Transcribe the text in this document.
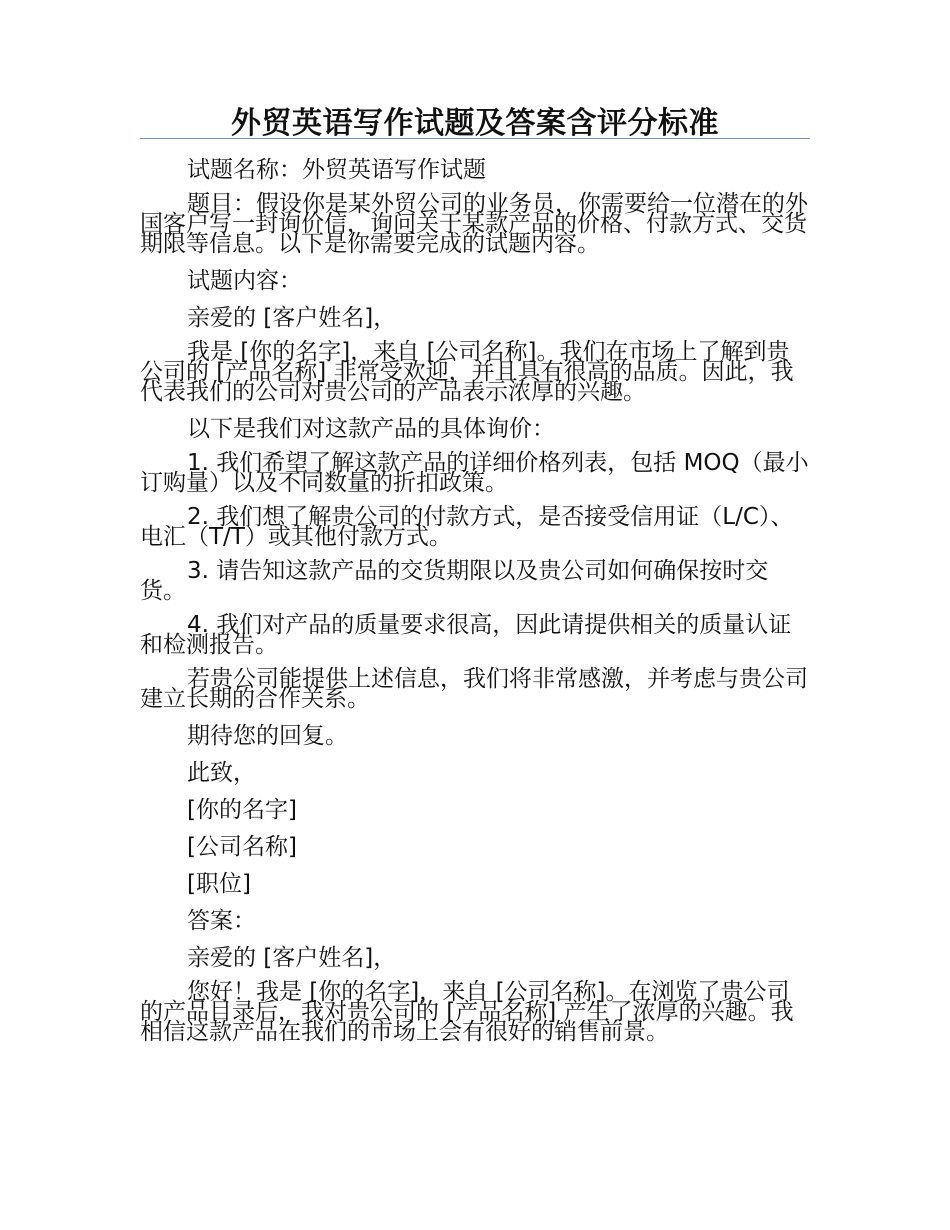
外贸英语写作试题及答案含评分标准

试题名称：外贸英语写作试题

题目：假设你是某外贸公司的业务员，你需要给一位潜在的外国客户写一封询价信，询问关于某款产品的价格、付款方式、交货期限等信息。以下是你需要完成的试题内容。

试题内容：

亲爱的 [客户姓名]，

我是 [你的名字]，来自 [公司名称]。我们在市场上了解到贵公司的 [产品名称] 非常受欢迎，并且具有很高的品质。因此，我代表我们的公司对贵公司的产品表示浓厚的兴趣。

以下是我们对这款产品的具体询价：

1. 我们希望了解这款产品的详细价格列表，包括 MOQ（最小订购量）以及不同数量的折扣政策。

2. 我们想了解贵公司的付款方式，是否接受信用证（L/C）、电汇（T/T）或其他付款方式。

3. 请告知这款产品的交货期限以及贵公司如何确保按时交货。

4. 我们对产品的质量要求很高，因此请提供相关的质量认证和检测报告。

若贵公司能提供上述信息，我们将非常感激，并考虑与贵公司建立长期的合作关系。

期待您的回复。

此致，

[你的名字]

[公司名称]

[职位]

答案：

亲爱的 [客户姓名]，

您好！我是 [你的名字]，来自 [公司名称]。在浏览了贵公司的产品目录后，我对贵公司的 [产品名称] 产生了浓厚的兴趣。我相信这款产品在我们的市场上会有很好的销售前景。
